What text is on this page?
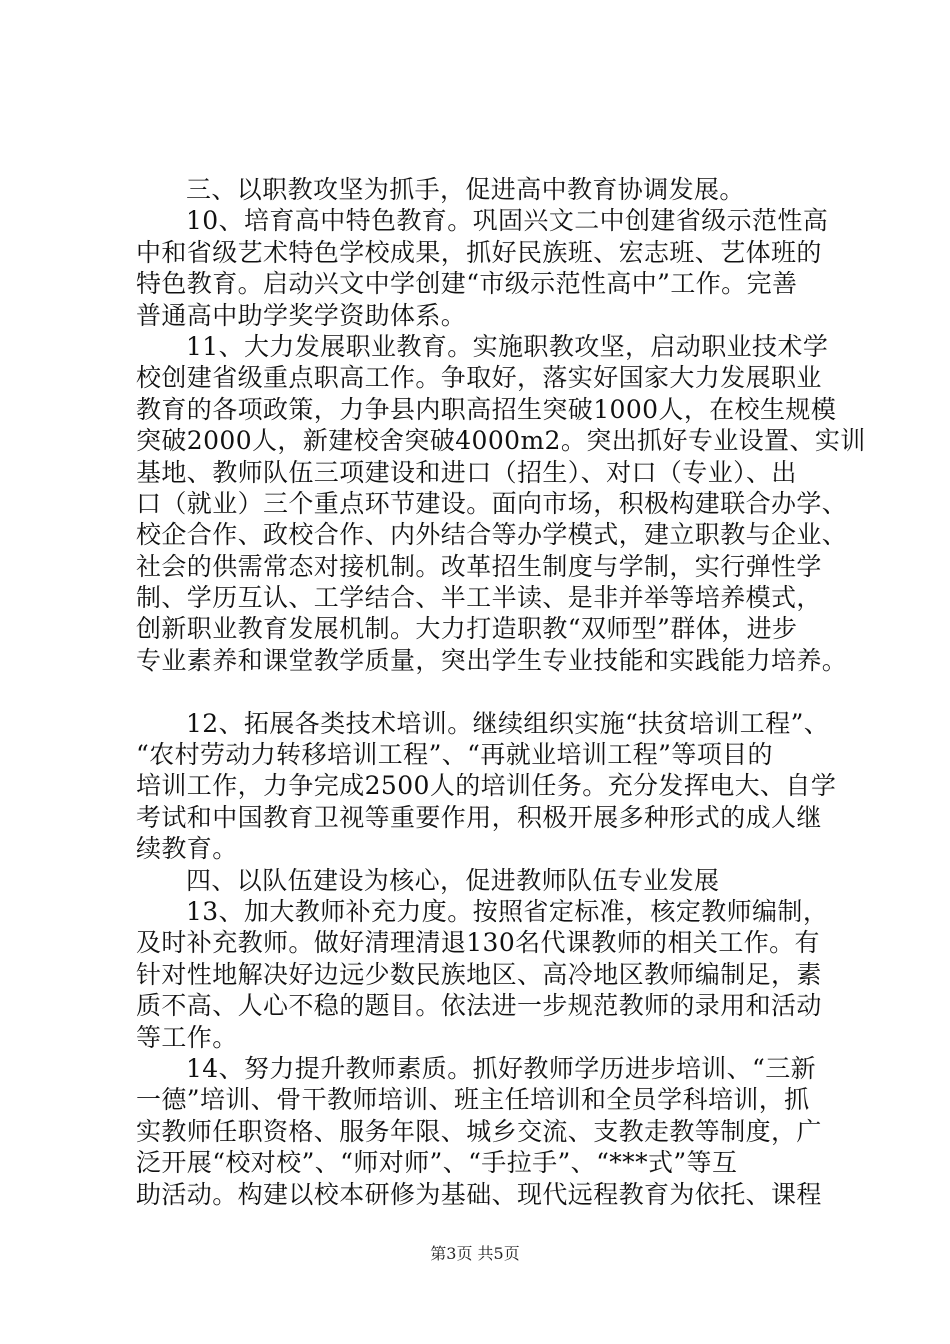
三、以职教攻坚为抓手，促进高中教育协调发展。
10、培育高中特色教育。巩固兴文二中创建省级示范性高
中和省级艺术特色学校成果，抓好民族班、宏志班、艺体班的
特色教育。启动兴文中学创建“市级示范性高中”工作。完善
普通高中助学奖学资助体系。
11、大力发展职业教育。实施职教攻坚，启动职业技术学
校创建省级重点职高工作。争取好，落实好国家大力发展职业
教育的各项政策，力争县内职高招生突破1000人，在校生规模
突破2000人，新建校舍突破4000m2。突出抓好专业设置、实训
基地、教师队伍三项建设和进口（招生）、对口（专业）、出
口（就业）三个重点环节建设。面向市场，积极构建联合办学、
校企合作、政校合作、内外结合等办学模式，建立职教与企业、
社会的供需常态对接机制。改革招生制度与学制，实行弹性学
制、学历互认、工学结合、半工半读、是非并举等培养模式，
创新职业教育发展机制。大力打造职教“双师型”群体，进步
专业素养和课堂教学质量，突出学生专业技能和实践能力培养。
12、拓展各类技术培训。继续组织实施“扶贫培训工程”、
“农村劳动力转移培训工程”、“再就业培训工程”等项目的
培训工作，力争完成2500人的培训任务。充分发挥电大、自学
考试和中国教育卫视等重要作用，积极开展多种形式的成人继
续教育。
四、以队伍建设为核心，促进教师队伍专业发展
13、加大教师补充力度。按照省定标准，核定教师编制，
及时补充教师。做好清理清退130名代课教师的相关工作。有
针对性地解决好边远少数民族地区、高冷地区教师编制足，素
质不高、人心不稳的题目。依法进一步规范教师的录用和活动
等工作。
14、努力提升教师素质。抓好教师学历进步培训、“三新
一德”培训、骨干教师培训、班主任培训和全员学科培训，抓
实教师任职资格、服务年限、城乡交流、支教走教等制度，广
泛开展“校对校”、“师对师”、“手拉手”、“***式”等互
助活动。构建以校本研修为基础、现代远程教育为依托、课程
第3页 共5页
